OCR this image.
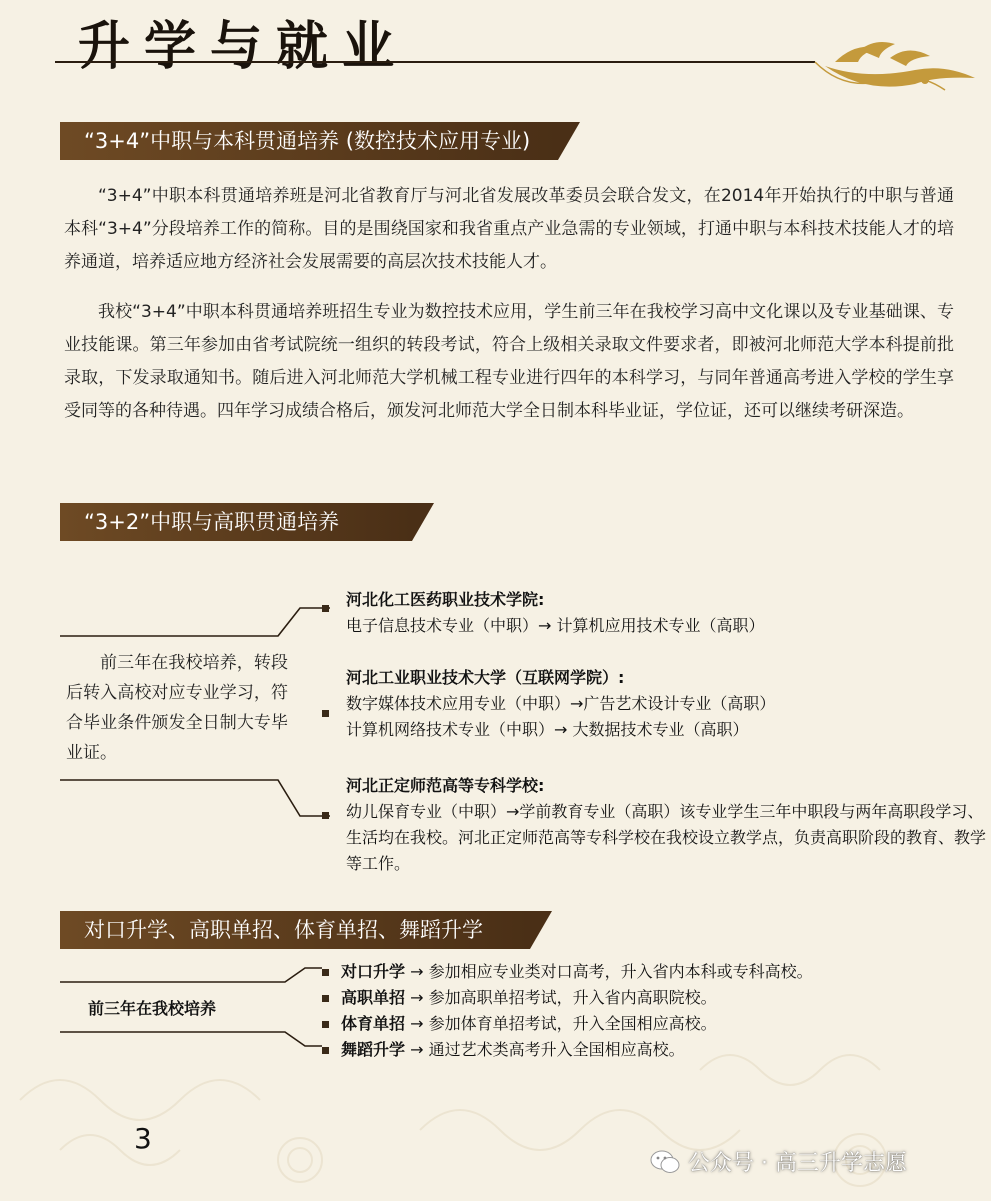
升学与就业
“3+4”中职与本科贯通培养 (数控技术应用专业)

“3+4”中职本科贯通培养班是河北省教育厅与河北省发展改革委员会联合发文，在2014年开始执行的中职与普通本科“3+4”分段培养工作的简称。目的是围绕国家和我省重点产业急需的专业领域，打通中职与本科技术技能人才的培养通道，培养适应地方经济社会发展需要的高层次技术技能人才。

我校“3+4”中职本科贯通培养班招生专业为数控技术应用，学生前三年在我校学习高中文化课以及专业基础课、专业技能课。第三年参加由省考试院统一组织的转段考试，符合上级相关录取文件要求者，即被河北师范大学本科提前批录取，下发录取通知书。随后进入河北师范大学机械工程专业进行四年的本科学习，与同年普通高考进入学校的学生享受同等的各种待遇。四年学习成绩合格后，颁发河北师范大学全日制本科毕业证，学位证，还可以继续考研深造。

“3+2”中职与高职贯通培养
前三年在我校培养，转段后转入高校对应专业学习，符合毕业条件颁发全日制大专毕业证。
河北化工医药职业技术学院:
电子信息技术专业（中职）→ 计算机应用技术专业（高职）
河北工业职业技术大学（互联网学院）:
数字媒体技术应用专业（中职）→广告艺术设计专业（高职）
计算机网络技术专业（中职）→ 大数据技术专业（高职）
河北正定师范高等专科学校:
幼儿保育专业（中职）→学前教育专业（高职）该专业学生三年中职段与两年高职段学习、生活均在我校。河北正定师范高等专科学校在我校设立教学点，负责高职阶段的教育、教学等工作。
对口升学、高职单招、体育单招、舞蹈升学
前三年在我校培养
对口升学 → 参加相应专业类对口高考，升入省内本科或专科高校。
高职单招 → 参加高职单招考试，升入省内高职院校。
体育单招 → 参加体育单招考试，升入全国相应高校。
舞蹈升学 → 通过艺术类高考升入全国相应高校。
3
公众号 · 高三升学志愿
